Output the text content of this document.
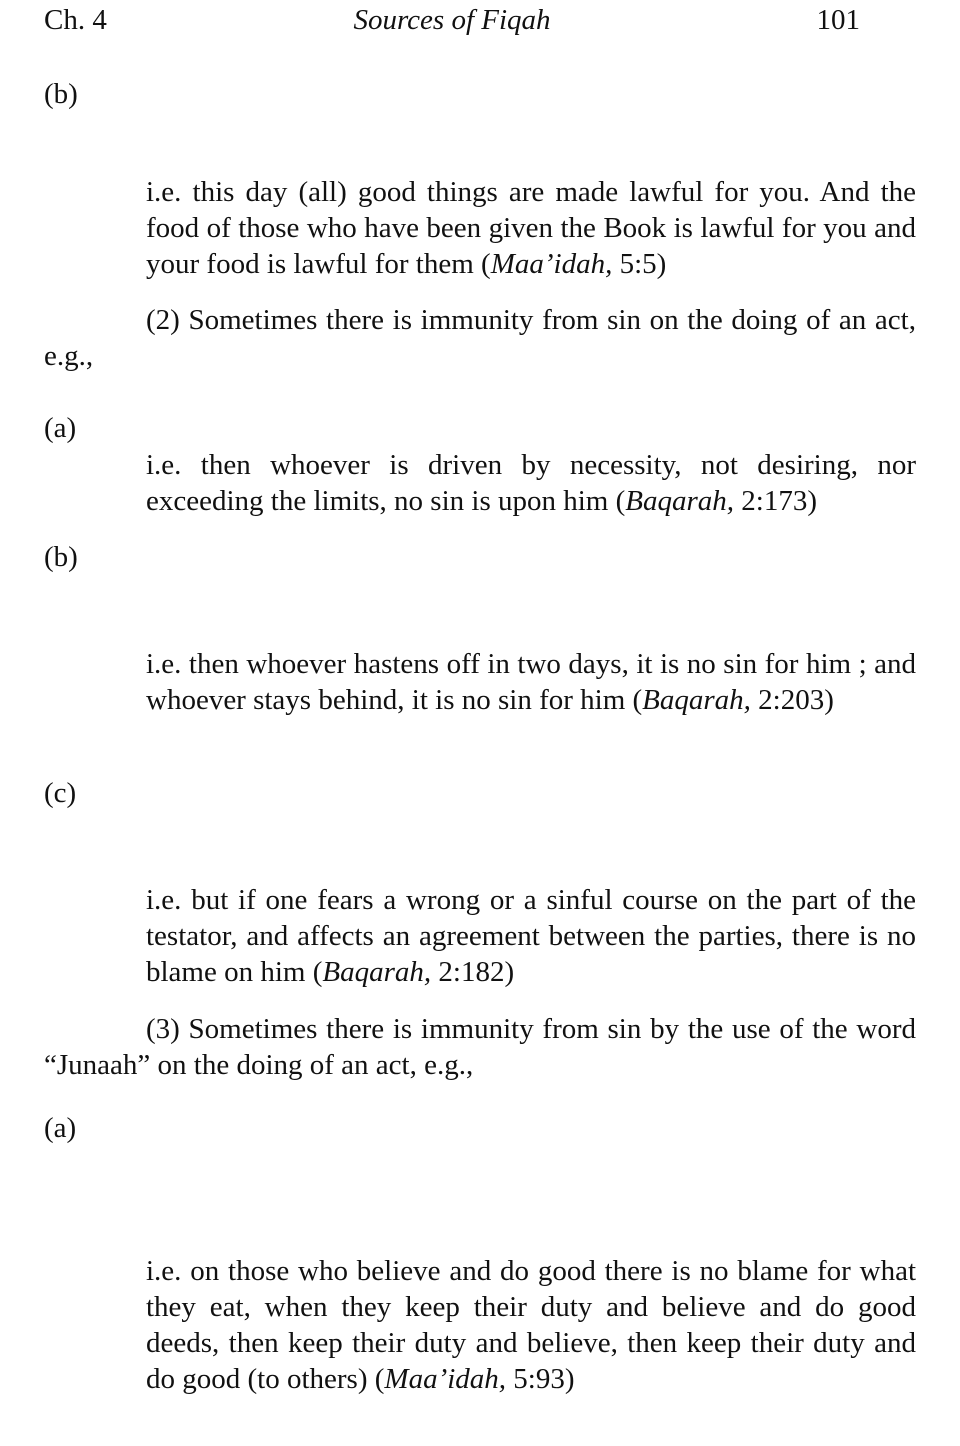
Ch. 4	Sources of Fiqah	101
(b)
i.e. this day (all) good things are made lawful for you. And the food of those who have been given the Book is lawful for you and your food is lawful for them (Maa’idah, 5:5)
(2) Sometimes there is immunity from sin on the doing of an act, e.g.,
(a)
i.e. then whoever is driven by necessity, not desiring, nor exceeding the limits, no sin is upon him (Baqarah, 2:173)
(b)
i.e. then whoever hastens off in two days, it is no sin for him ; and whoever stays behind, it is no sin for him (Baqarah, 2:203)
(c)
i.e. but if one fears a wrong or a sinful course on the part of the testator, and affects an agreement between the parties, there is no blame on him (Baqarah, 2:182)
(3) Sometimes there is immunity from sin by the use of the word “Junaah” on the doing of an act, e.g.,
(a)
i.e. on those who believe and do good there is no blame for what they eat, when they keep their duty and believe and do good deeds, then keep their duty and believe, then keep their duty and do good (to others) (Maa’idah, 5:93)
